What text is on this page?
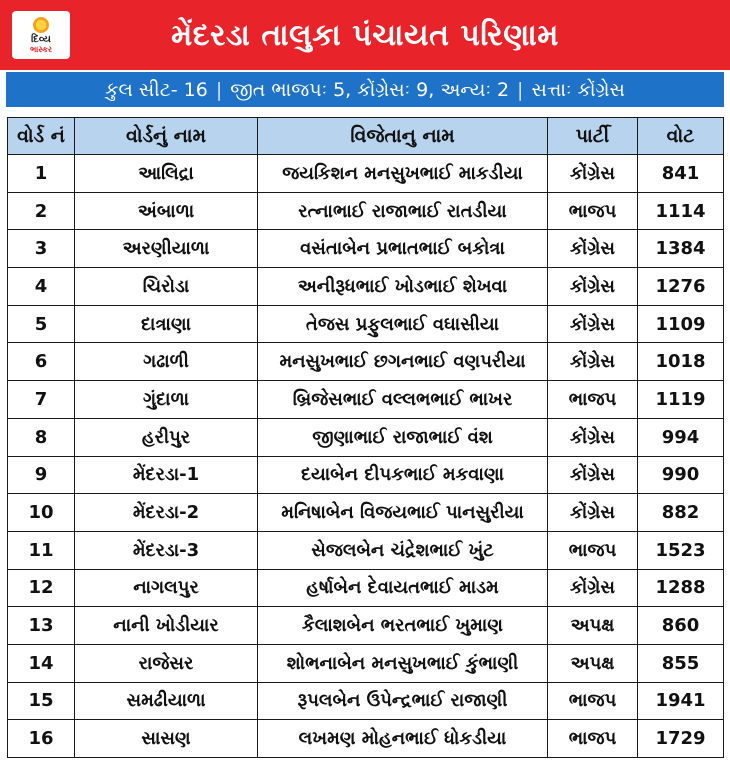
દિવ્ય
ભાસ્કર	મેંદરડા તાલુકા પંચાયત પરિણામ
કુલ સીટ- 16 | જીત ભાજપઃ 5, કોંગ્રેસઃ 9, અન્યઃ 2 | સત્તાઃ કોંગ્રેસ
વોર્ડ નં	વોર્ડનું નામ	વિજેતાનુ નામ	પાર્ટી	વોટ
1	આલિદ્રા	જયકિશન મનસુખભાઈ માકડીયા	કોંગ્રેસ	841
2	અંબાળા	રત્નાભાઈ રાજાભાઈ રાતડીયા	ભાજપ	1114
3	અરણીયાળા	વસંતાબેન પ્રભાતભાઈ બકોત્રા	કોંગ્રેસ	1384
4	ચિરોડા	અનીરૂધભાઈ ખોડભાઈ શેખવા	કોંગ્રેસ	1276
5	દાત્રાણા	તેજસ પ્રફુલભાઈ વઘાસીયા	કોંગ્રેસ	1109
6	ગઢાળી	મનસુખભાઈ છગનભાઈ વણપરીયા	કોંગ્રેસ	1018
7	ગુંદાળા	બ્રિજેસભાઈ વલ્લભભાઈ ભાખર	ભાજપ	1119
8	હરીપુર	જીણાભાઈ રાજાભાઈ વંશ	કોંગ્રેસ	994
9	મેંદરડા-1	દયાબેન દીપકભાઈ મકવાણા	કોંગ્રેસ	990
10	મેંદરડા-2	મનિષાબેન વિજયભાઈ પાનસુરીયા	કોંગ્રેસ	882
11	મેંદરડા-3	સેજલબેન ચંદ્રેશભાઈ ખુંટ	ભાજપ	1523
12	નાગલપુર	હર્ષાબેન દેવાયતભાઈ માડમ	કોંગ્રેસ	1288
13	નાની ખોડીયાર	કૈલાશબેન ભરતભાઈ ખુમાણ	અપક્ષ	860
14	રાજેસર	શોભનાબેન મનસુખભાઈ કુંભાણી	અપક્ષ	855
15	સમઢીયાળા	રૂપલબેન ઉપેન્દ્રભાઈ રાજાણી	ભાજપ	1941
16	સાસણ	લખમણ મોહનભાઈ ધોકડીયા	ભાજપ	1729
